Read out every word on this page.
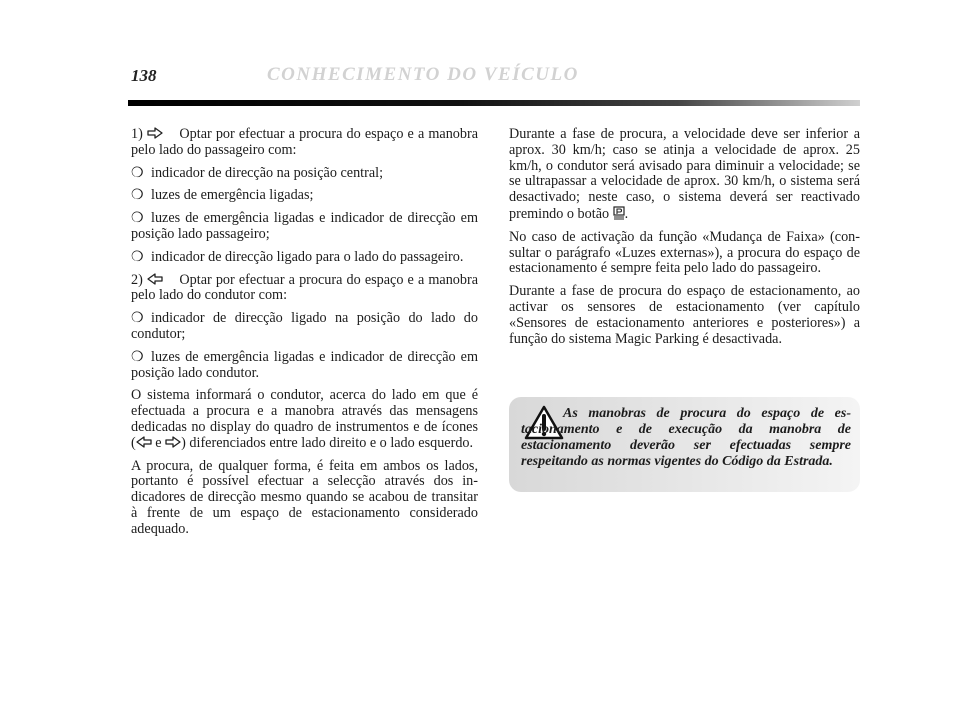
138	CONHECIMENTO DO VEÍCULO

1)	Optar por efectuar a procura do espaço e a manobra pelo lado do passageiro com:

❍ indicador de direcção na posição central;

❍ luzes de emergência ligadas;

❍ luzes de emergência ligadas e indicador de direcção em posição lado passageiro;

❍ indicador de direcção ligado para o lado do passageiro.

2)	Optar por efectuar a procura do espaço e a manobra pelo lado do condutor com:

❍ indicador de direcção ligado na posição do lado do condutor;

❍ luzes de emergência ligadas e indicador de direcção em posição lado condutor.

O sistema informará o condutor, acerca do lado em que é efectuada a procura e a manobra através das mensagens dedicadas no display do quadro de instrumentos e de ícones ( e ) diferenciados entre lado direito e o lado esquerdo.

A procura, de qualquer forma, é feita em ambos os lados, portanto é possível efectuar a selecção através dos indicadores de direcção mesmo quando se acabou de transitar à frente de um espaço de estacionamento considerado adequado.

Durante a fase de procura, a velocidade deve ser inferior a aprox. 30 km/h; caso se atinja a velocidade de aprox. 25 km/h, o condutor será avisado para diminuir a velocidade; se se ultrapassar a velocidade de aprox. 30 km/h, o sistema será desactivado; neste caso, o sistema deverá ser reactivado premindo o botão .

No caso de activação da função «Mudança de Faixa» (consultar o parágrafo «Luzes externas»), a procura do espaço de estacionamento é sempre feita pelo lado do passageiro.

Durante a fase de procura do espaço de estacionamento, ao activar os sensores de estacionamento (ver capítulo «Sensores de estacionamento anteriores e posteriores») a função do sistema Magic Parking é desactivada.

As manobras de procura do espaço de estacionamento e de execução da manobra de estacionamento deverão ser efectuadas sempre respeitando as normas vigentes do Código da Estrada.
